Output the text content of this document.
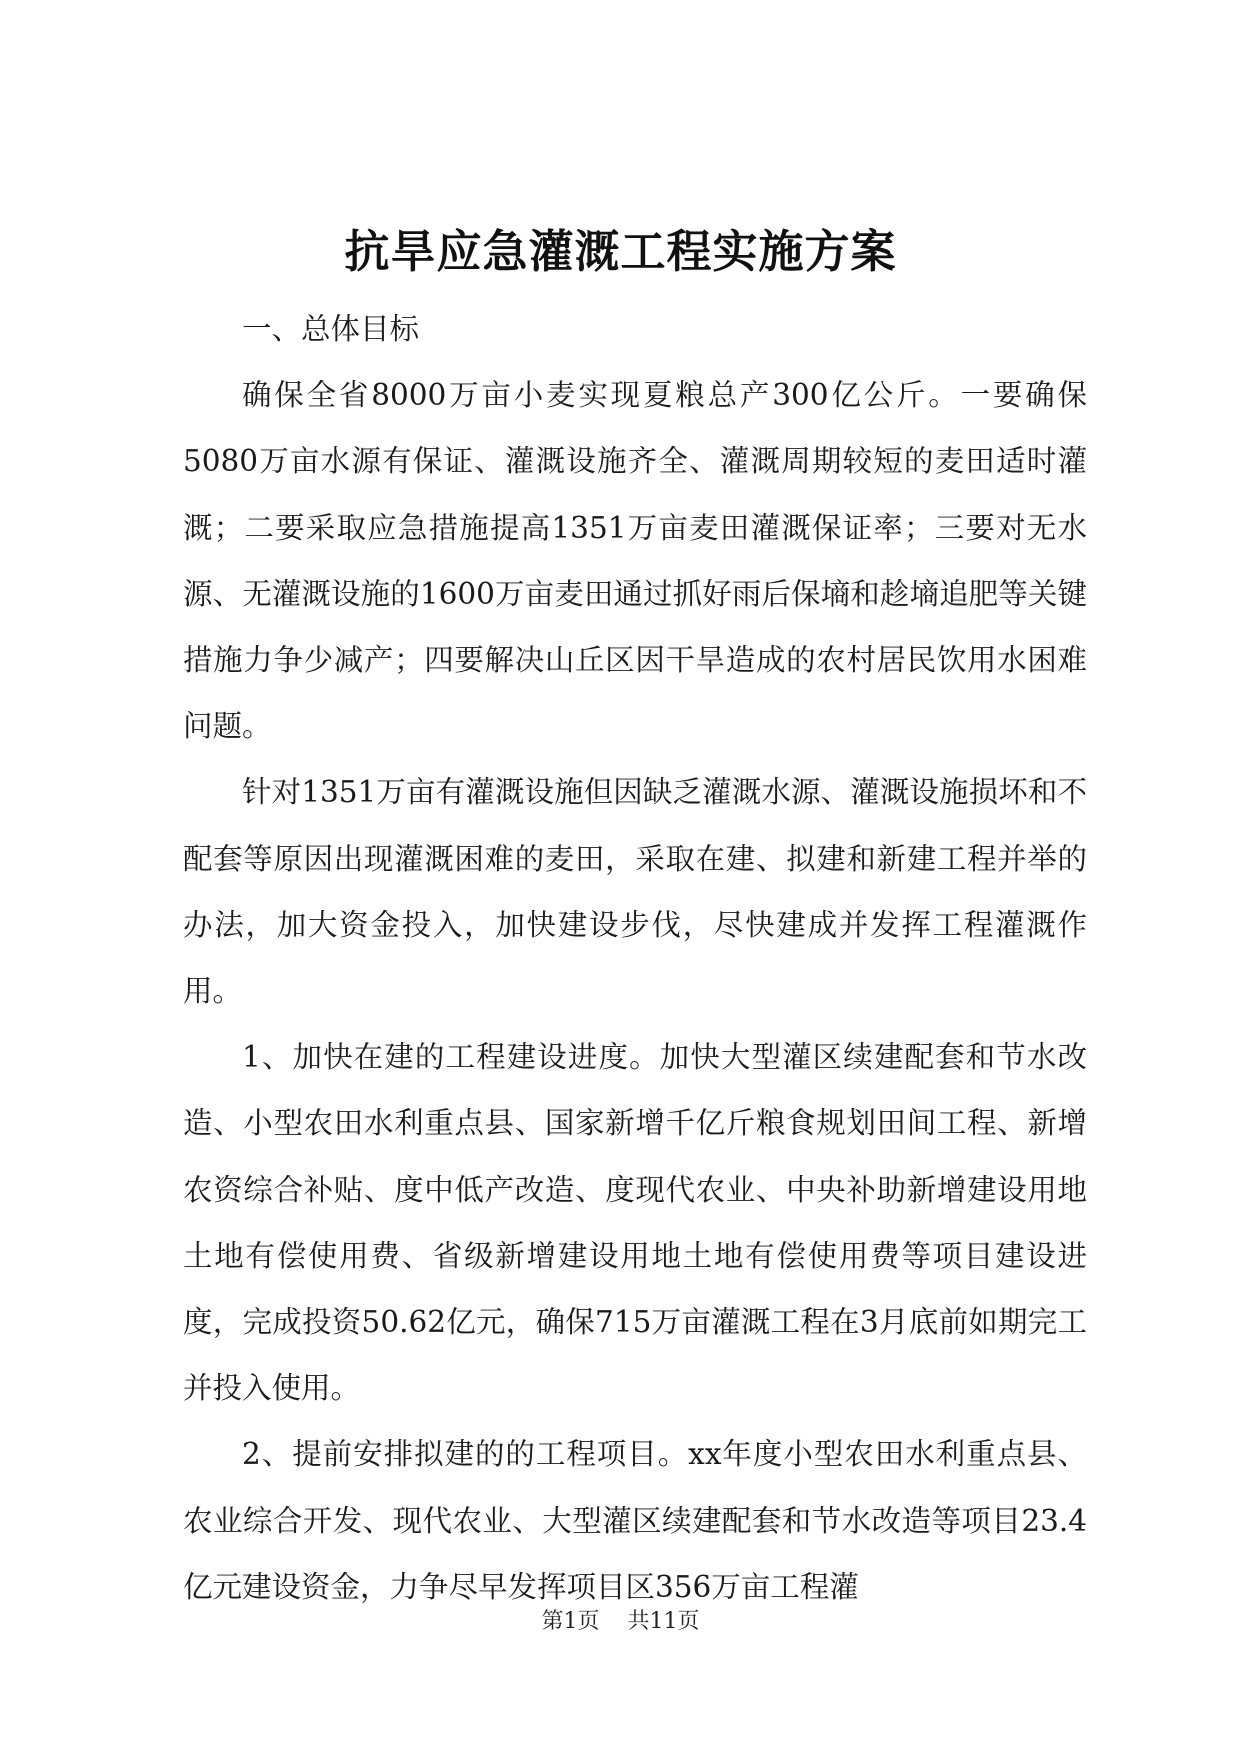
抗旱应急灌溉工程实施方案

一、总体目标

确保全省8000万亩小麦实现夏粮总产300亿公斤。一要确保5080万亩水源有保证、灌溉设施齐全、灌溉周期较短的麦田适时灌溉；二要采取应急措施提高1351万亩麦田灌溉保证率；三要对无水源、无灌溉设施的1600万亩麦田通过抓好雨后保墒和趁墒追肥等关键措施力争少减产；四要解决山丘区因干旱造成的农村居民饮用水困难问题。

针对1351万亩有灌溉设施但因缺乏灌溉水源、灌溉设施损坏和不配套等原因出现灌溉困难的麦田，采取在建、拟建和新建工程并举的办法，加大资金投入，加快建设步伐，尽快建成并发挥工程灌溉作用。

1、加快在建的工程建设进度。加快大型灌区续建配套和节水改造、小型农田水利重点县、国家新增千亿斤粮食规划田间工程、新增农资综合补贴、度中低产改造、度现代农业、中央补助新增建设用地土地有偿使用费、省级新增建设用地土地有偿使用费等项目建设进度，完成投资50.62亿元，确保715万亩灌溉工程在3月底前如期完工并投入使用。

2、提前安排拟建的的工程项目。xx年度小型农田水利重点县、农业综合开发、现代农业、大型灌区续建配套和节水改造等项目23.4亿元建设资金，力争尽早发挥项目区356万亩工程灌

第1页 共11页
